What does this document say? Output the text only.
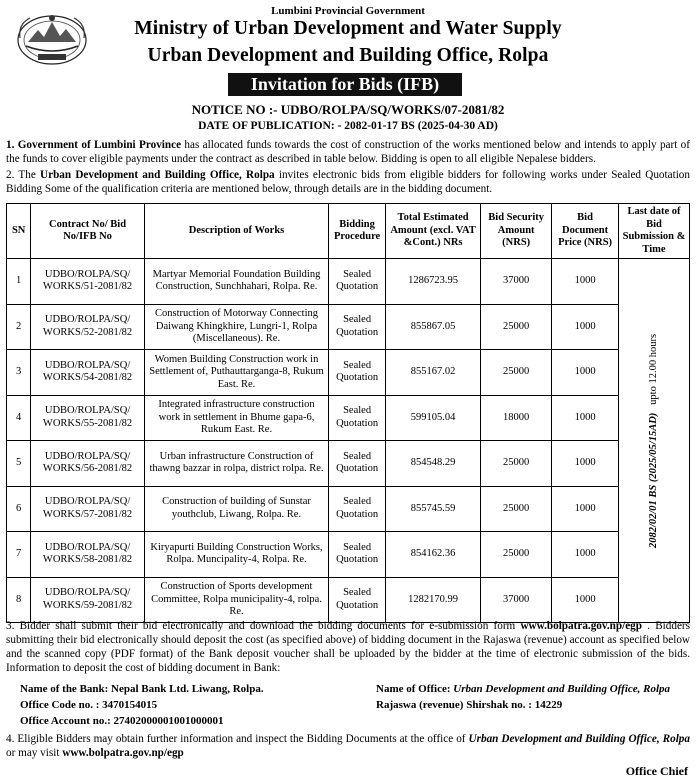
Lumbini Provincial Government
Ministry of Urban Development and Water Supply
Urban Development and Building Office, Rolpa
Invitation for Bids (IFB)
NOTICE NO :- UDBO/ROLPA/SQ/WORKS/07-2081/82
DATE OF PUBLICATION: - 2082-01-17 BS (2025-04-30 AD)
1. Government of Lumbini Province has allocated funds towards the cost of construction of the works mentioned below and intends to apply part of the funds to cover eligible payments under the contract as described in table below. Bidding is open to all eligible Nepalese bidders.
2. The Urban Development and Building Office, Rolpa invites electronic bids from eligible bidders for following works under Sealed Quotation Bidding Some of the qualification criteria are mentioned below, through details are in the bidding document.
SN	Contract No/ Bid No/IFB No	Description of Works	Bidding Procedure	Total Estimated Amount (excl. VAT &Cont.) NRs	Bid Security Amount (NRS)	Bid Document Price (NRS)	Last date of Bid Submission & Time
1	UDBO/ROLPA/SQ/ WORKS/51-2081/82	Martyar Memorial Foundation Building Construction, Sunchhahari, Rolpa. Re.	Sealed Quotation	1286723.95	37000	1000	2082/02/01 BS (2025/05/15AD)   upto 12.00 hours

2	UDBO/ROLPA/SQ/ WORKS/52-2081/82	Construction of Motorway Connecting Daiwang Khingkhire, Lungri-1, Rolpa (Miscellaneous). Re.	Sealed Quotation	855867.05	25000	1000	
3	UDBO/ROLPA/SQ/ WORKS/54-2081/82	Women Building Construction work in Settlement of, Puthauttarganga-8, Rukum East. Re.	Sealed Quotation	855167.02	25000	1000	
4	UDBO/ROLPA/SQ/ WORKS/55-2081/82	Integrated infrastructure construction work in settlement in Bhume gapa-6, Rukum East. Re.	Sealed Quotation	599105.04	18000	1000	
5	UDBO/ROLPA/SQ/ WORKS/56-2081/82	Urban infrastructure Construction of thawng bazzar in rolpa, district rolpa. Re.	Sealed Quotation	854548.29	25000	1000	
6	UDBO/ROLPA/SQ/ WORKS/57-2081/82	Construction of building of Sunstar youthclub, Liwang, Rolpa. Re.	Sealed Quotation	855745.59	25000	1000	
7	UDBO/ROLPA/SQ/ WORKS/58-2081/82	Kiryapurti Building Construction Works, Rolpa. Muncipality-4, Rolpa. Re.	Sealed Quotation	854162.36	25000	1000	
8	UDBO/ROLPA/SQ/ WORKS/59-2081/82	Construction of Sports development Committee, Rolpa municipality-4, rolpa. Re.	Sealed Quotation	1282170.99	37000	1000	
3. Bidder shall submit their bid electronically and download the bidding documents for e-submission form www.bolpatra.gov.np/egp . Bidders submitting their bid electronically should deposit the cost (as specified above) of bidding document in the Rajaswa (revenue) account as specified below and the scanned copy (PDF format) of the Bank deposit voucher shall be uploaded by the bidder at the time of electronic submission of the bids. Information to deposit the cost of bidding document in Bank:
Name of the Bank: Nepal Bank Ltd. Liwang, Rolpa.
Office Code no. : 3470154015
Office Account no.: 27402000001001000001
Name of Office: Urban Development and Building Office, Rolpa
Rajaswa (revenue) Shirshak no. : 14229
4. Eligible Bidders may obtain further information and inspect the Bidding Documents at the office of Urban Development and Building Office, Rolpa or may visit www.bolpatra.gov.np/egp
Office Chief
